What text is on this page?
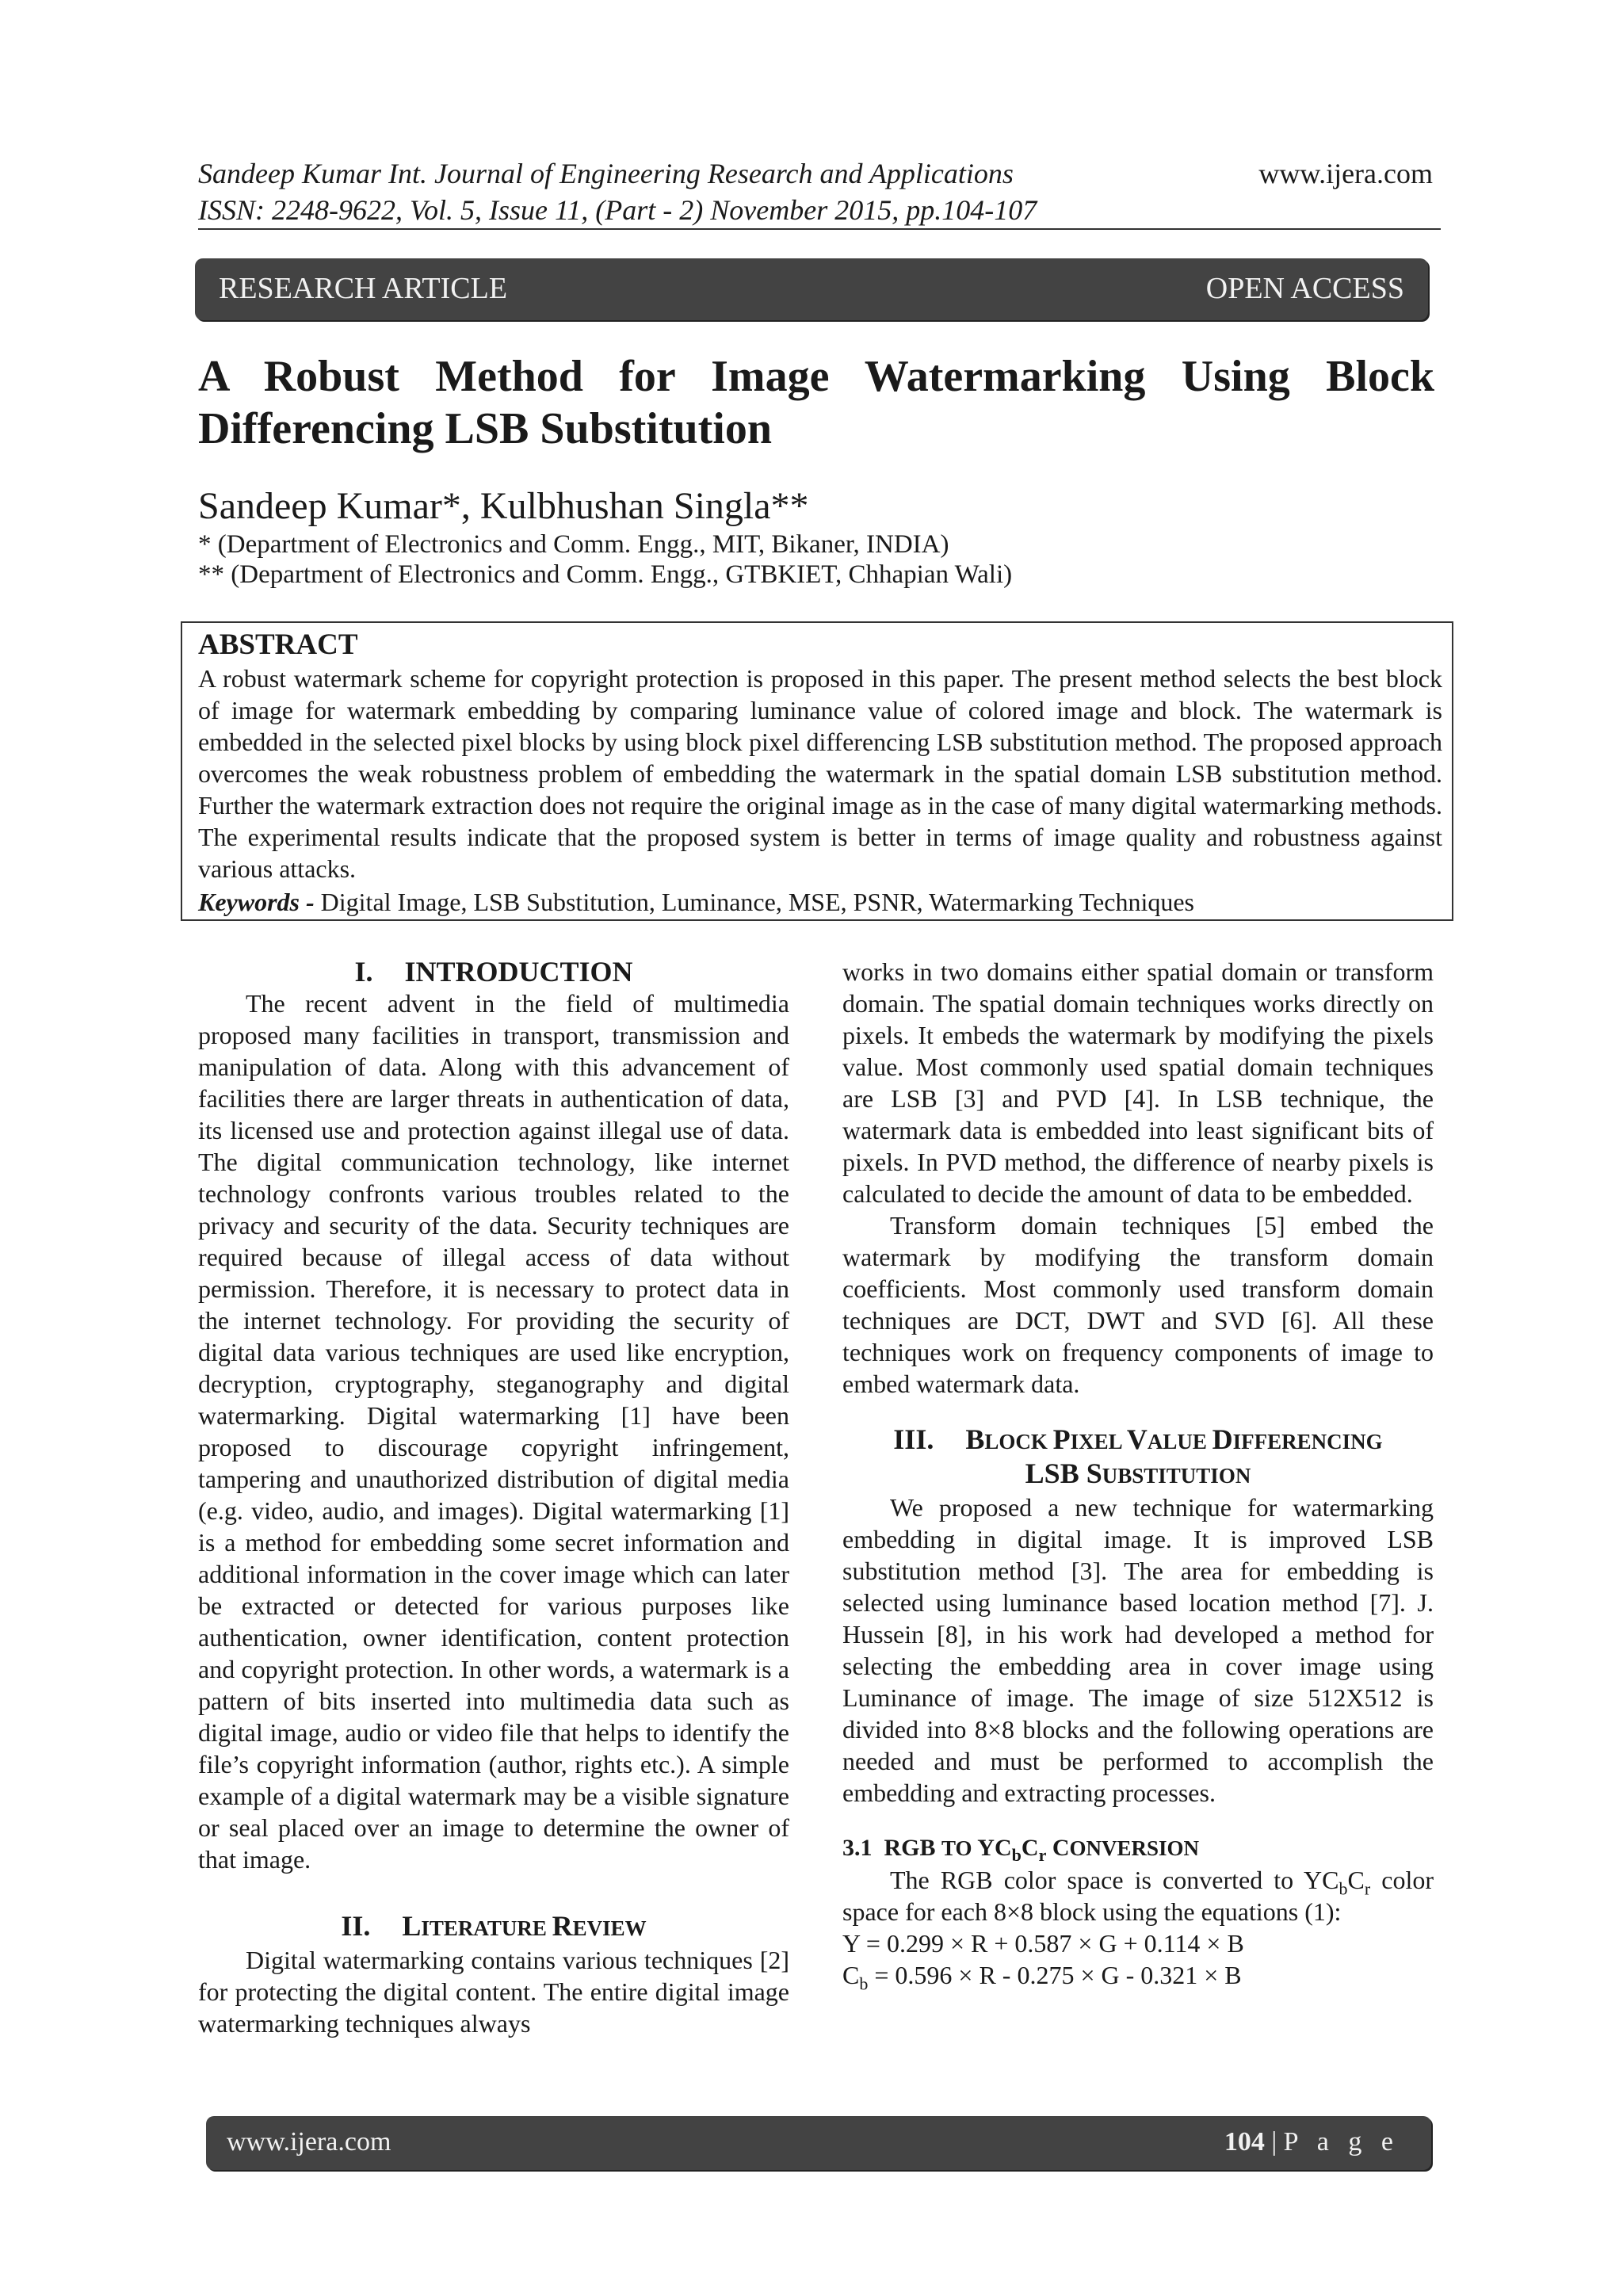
Sandeep Kumar Int. Journal of Engineering Research and Applications
ISSN: 2248-9622, Vol. 5, Issue 11, (Part - 2) November 2015, pp.104-107
www.ijera.com
RESEARCH ARTICLE	OPEN ACCESS
A Robust Method for Image Watermarking Using Block
Differencing LSB Substitution
Sandeep Kumar*, Kulbhushan Singla**
* (Department of Electronics and Comm. Engg., MIT, Bikaner, INDIA)
** (Department of Electronics and Comm. Engg., GTBKIET, Chhapian Wali)
ABSTRACT
A robust watermark scheme for copyright protection is proposed in this paper. The present method selects the best block of image for watermark embedding by comparing luminance value of colored image and block. The watermark is embedded in the selected pixel blocks by using block pixel differencing LSB substitution method. The proposed approach overcomes the weak robustness problem of embedding the watermark in the spatial domain LSB substitution method. Further the watermark extraction does not require the original image as in the case of many digital watermarking methods. The experimental results indicate that the proposed system is better in terms of image quality and robustness against various attacks.
Keywords - Digital Image, LSB Substitution, Luminance, MSE, PSNR, Watermarking Techniques
I. INTRODUCTION

The recent advent in the field of multimedia proposed many facilities in transport, transmission and manipulation of data. Along with this advancement of facilities there are larger threats in authentication of data, its licensed use and protection against illegal use of data. The digital communication technology, like internet technology confronts various troubles related to the privacy and security of the data. Security techniques are required because of illegal access of data without permission. Therefore, it is necessary to protect data in the internet technology. For providing the security of digital data various techniques are used like encryption, decryption, cryptography, steganography and digital watermarking. Digital watermarking [1] have been proposed to discourage copyright infringement, tampering and unauthorized distribution of digital media (e.g. video, audio, and images). Digital watermarking [1] is a method for embedding some secret information and additional information in the cover image which can later be extracted or detected for various purposes like authentication, owner identification, content protection and copyright protection. In other words, a watermark is a pattern of bits inserted into multimedia data such as digital image, audio or video file that helps to identify the file’s copyright information (author, rights etc.). A simple example of a digital watermark may be a visible signature or seal placed over an image to determine the owner of that image.

II. LITERATURE REVIEW

Digital watermarking contains various techniques [2] for protecting the digital content. The entire digital image watermarking techniques always

works in two domains either spatial domain or transform domain. The spatial domain techniques works directly on pixels. It embeds the watermark by modifying the pixels value. Most commonly used spatial domain techniques are LSB [3] and PVD [4]. In LSB technique, the watermark data is embedded into least significant bits of pixels. In PVD method, the difference of nearby pixels is calculated to decide the amount of data to be embedded.

Transform domain techniques [5] embed the watermark by modifying the transform domain coefficients. Most commonly used transform domain techniques are DCT, DWT and SVD [6]. All these techniques work on frequency components of image to embed watermark data.

III. BLOCK PIXEL VALUE DIFFERENCING
LSB SUBSTITUTION

We proposed a new technique for watermarking embedding in digital image. It is improved LSB substitution method [3]. The area for embedding is selected using luminance based location method [7]. J. Hussein [8], in his work had developed a method for selecting the embedding area in cover image using Luminance of image. The image of size 512X512 is divided into 8×8 blocks and the following operations are needed and must be performed to accomplish the embedding and extracting processes.

3.1 RGB TO $YC_bC_r$ CONVERSION

The RGB color space is converted to $YC_bC_r$ color space for each 8×8 block using the equations (1):

Y = 0.299 × R + 0.587 × G + 0.114 × B
$C_b = 0.596 \times R - 0.275 \times G - 0.321 \times B$
www.ijera.com	104 | P a g e
